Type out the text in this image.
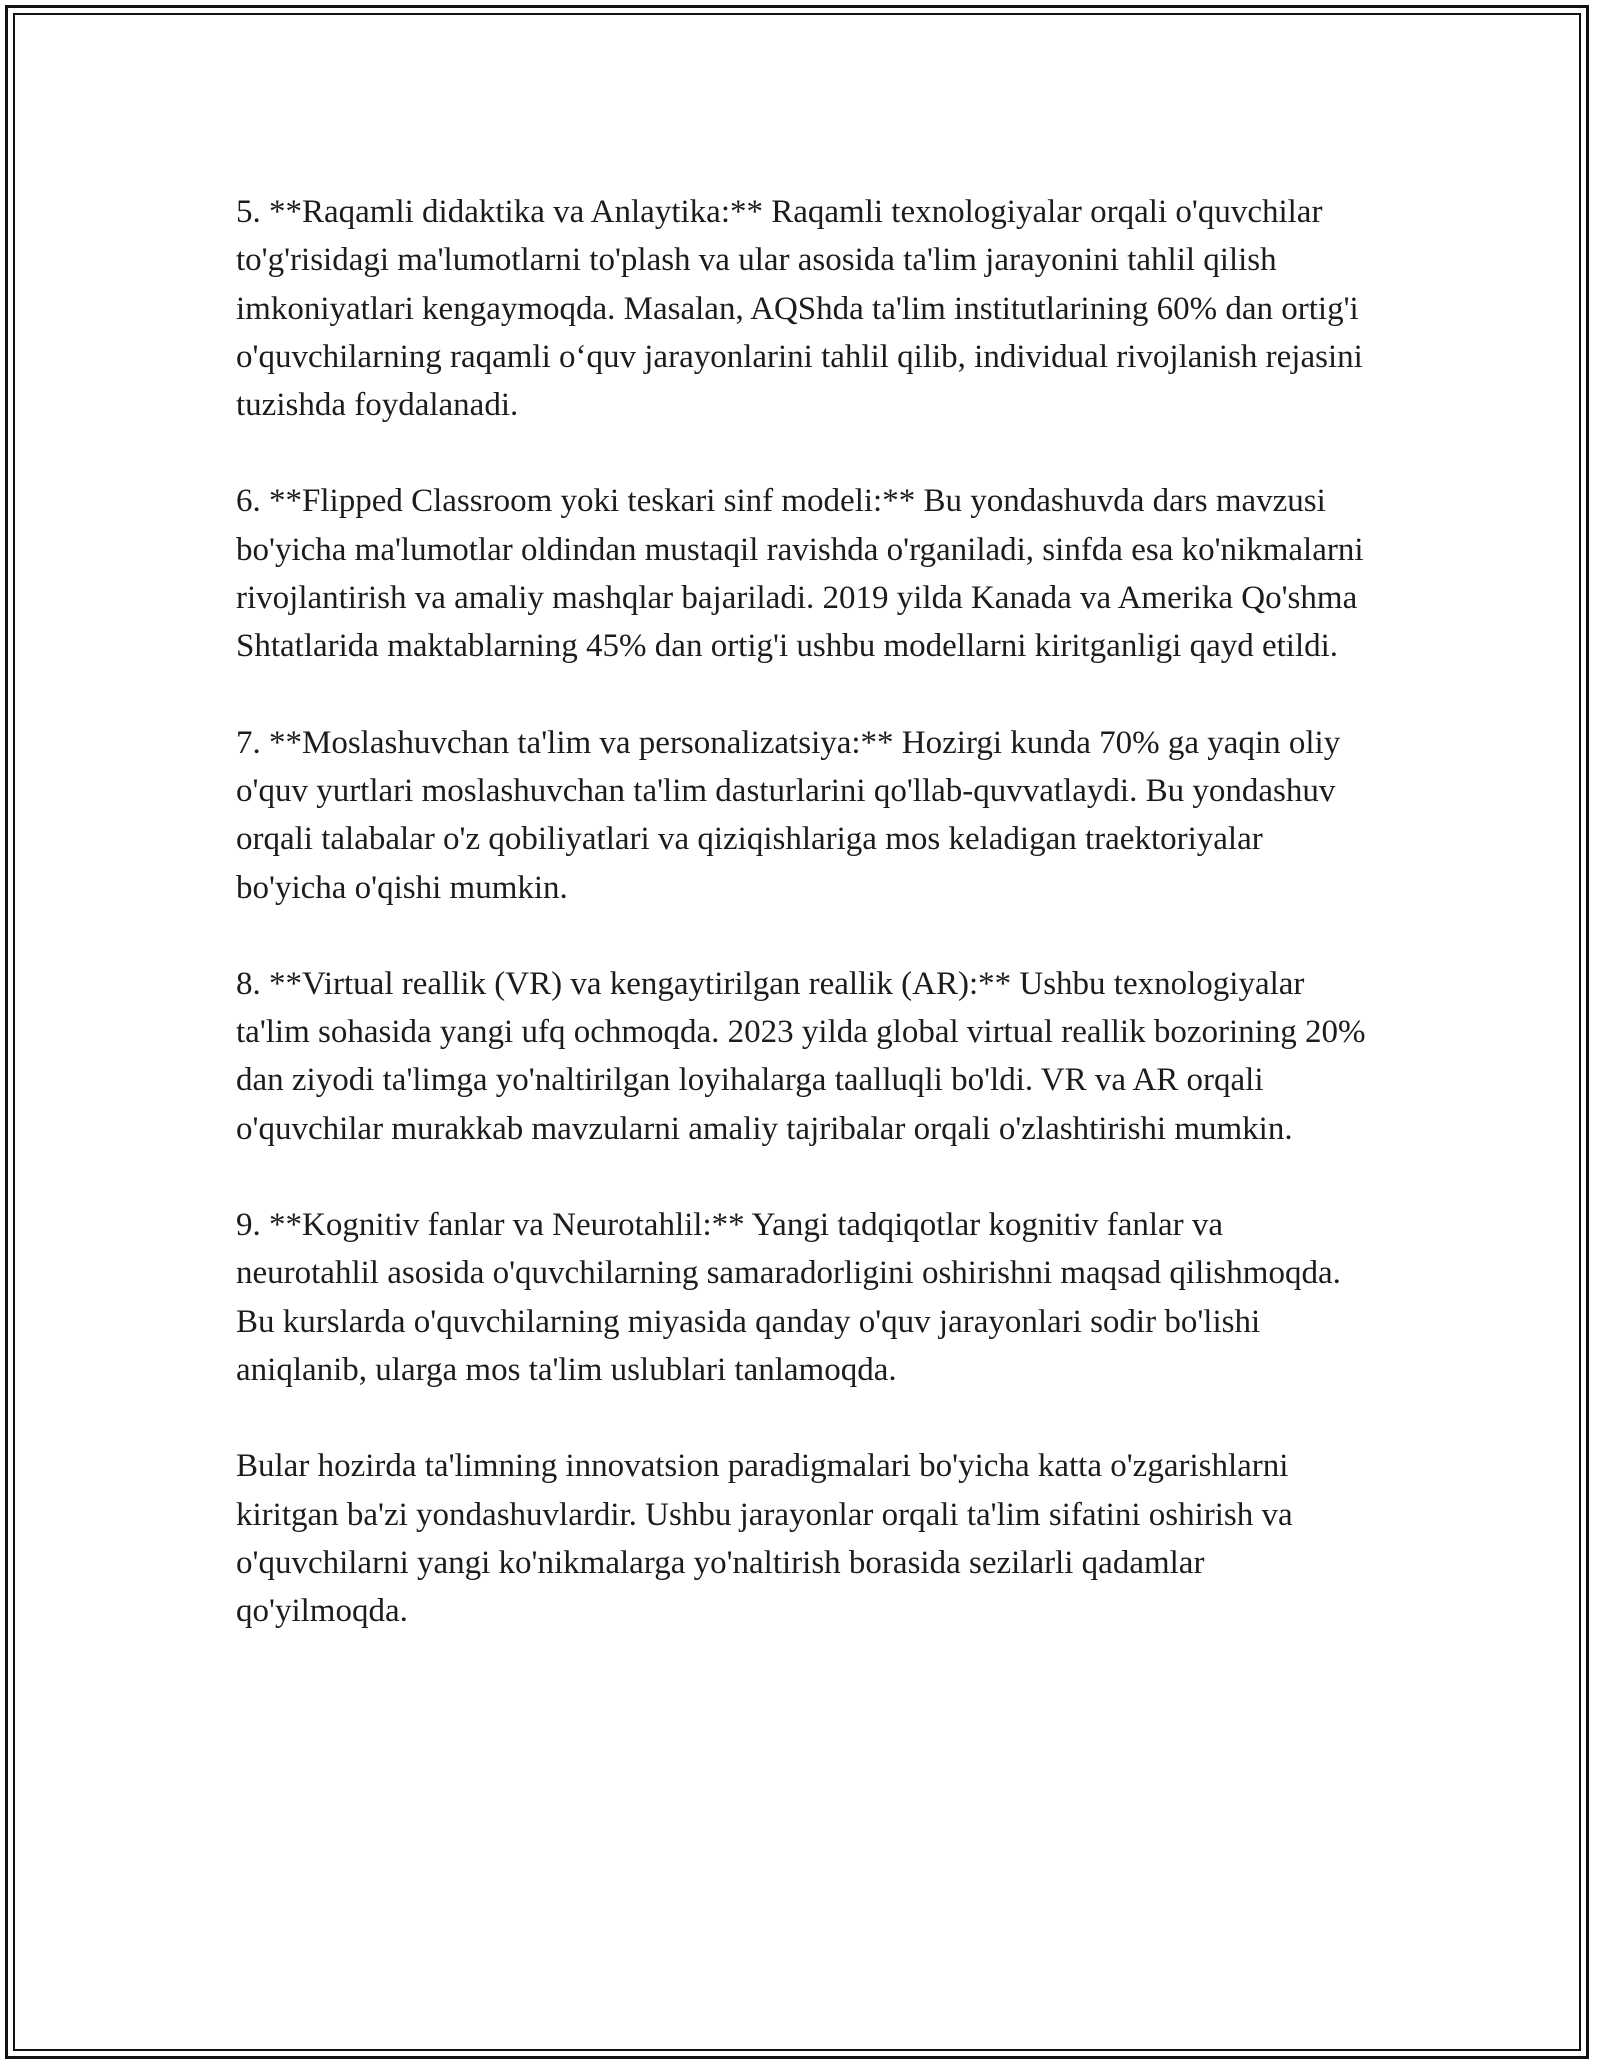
5. **Raqamli didaktika va Anlaytika:** Raqamli texnologiyalar orqali o'quvchilar to'g'risidagi ma'lumotlarni to'plash va ular asosida ta'lim jarayonini tahlil qilish imkoniyatlari kengaymoqda. Masalan, AQShda ta'lim institutlarining 60% dan ortig'i o'quvchilarning raqamli o‘quv jarayonlarini tahlil qilib, individual rivojlanish rejasini tuzishda foydalanadi.

6. **Flipped Classroom yoki teskari sinf modeli:** Bu yondashuvda dars mavzusi bo'yicha ma'lumotlar oldindan mustaqil ravishda o'rganiladi, sinfda esa ko'nikmalarni rivojlantirish va amaliy mashqlar bajariladi. 2019 yilda Kanada va Amerika Qo'shma Shtatlarida maktablarning 45% dan ortig'i ushbu modellarni kiritganligi qayd etildi.

7. **Moslashuvchan ta'lim va personalizatsiya:** Hozirgi kunda 70% ga yaqin oliy o'quv yurtlari moslashuvchan ta'lim dasturlarini qo'llab-quvvatlaydi. Bu yondashuv orqali talabalar o'z qobiliyatlari va qiziqishlariga mos keladigan traektoriyalar bo'yicha o'qishi mumkin.

8. **Virtual reallik (VR) va kengaytirilgan reallik (AR):** Ushbu texnologiyalar ta'lim sohasida yangi ufq ochmoqda. 2023 yilda global virtual reallik bozorining 20% dan ziyodi ta'limga yo'naltirilgan loyihalarga taalluqli bo'ldi. VR va AR orqali o'quvchilar murakkab mavzularni amaliy tajribalar orqali o'zlashtirishi mumkin.

9. **Kognitiv fanlar va Neurotahlil:** Yangi tadqiqotlar kognitiv fanlar va neurotahlil asosida o'quvchilarning samaradorligini oshirishni maqsad qilishmoqda. Bu kurslarda o'quvchilarning miyasida qanday o'quv jarayonlari sodir bo'lishi aniqlanib, ularga mos ta'lim uslublari tanlamoqda.

Bular hozirda ta'limning innovatsion paradigmalari bo'yicha katta o'zgarishlarni kiritgan ba'zi yondashuvlardir. Ushbu jarayonlar orqali ta'lim sifatini oshirish va o'quvchilarni yangi ko'nikmalarga yo'naltirish borasida sezilarli qadamlar qo'yilmoqda.
